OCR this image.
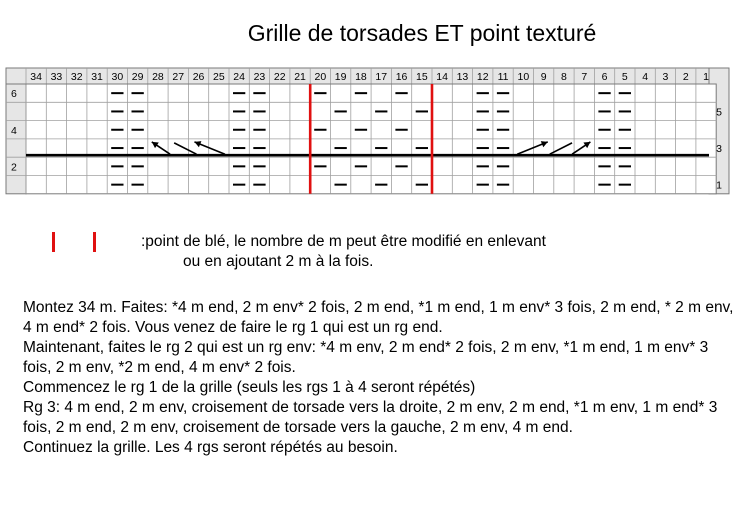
Grille de torsades ET point texturé
34 33 32 31 30 29 28 27 26 25 24 23 22 21 20 19 18 17 16 15 14 13 12 11 10 9 8 7 6 5 4 3 2 1
6
4
2
5
3
1
:point de blé, le nombre de m peut être modifié en enlevant
ou en ajoutant 2 m à la fois.

Montez 34 m. Faites: *4 m end, 2 m env* 2 fois, 2 m end, *1 m end, 1 m env* 3 fois, 2 m end, * 2 m env, 4 m end* 2 fois. Vous venez de faire le rg 1 qui est un rg end.

Maintenant, faites le rg 2 qui est un rg env: *4 m env, 2 m end* 2 fois, 2 m env, *1 m end, 1 m env* 3 fois, 2 m env, *2 m end, 4 m env* 2 fois.

Commencez le rg 1 de la grille (seuls les rgs 1 à 4 seront répétés)

Rg 3: 4 m end, 2 m env, croisement de torsade vers la droite, 2 m env, 2 m end, *1 m env, 1 m end* 3 fois, 2 m end, 2 m env, croisement de torsade vers la gauche, 2 m env, 4 m end.

Continuez la grille. Les 4 rgs seront répétés au besoin.
